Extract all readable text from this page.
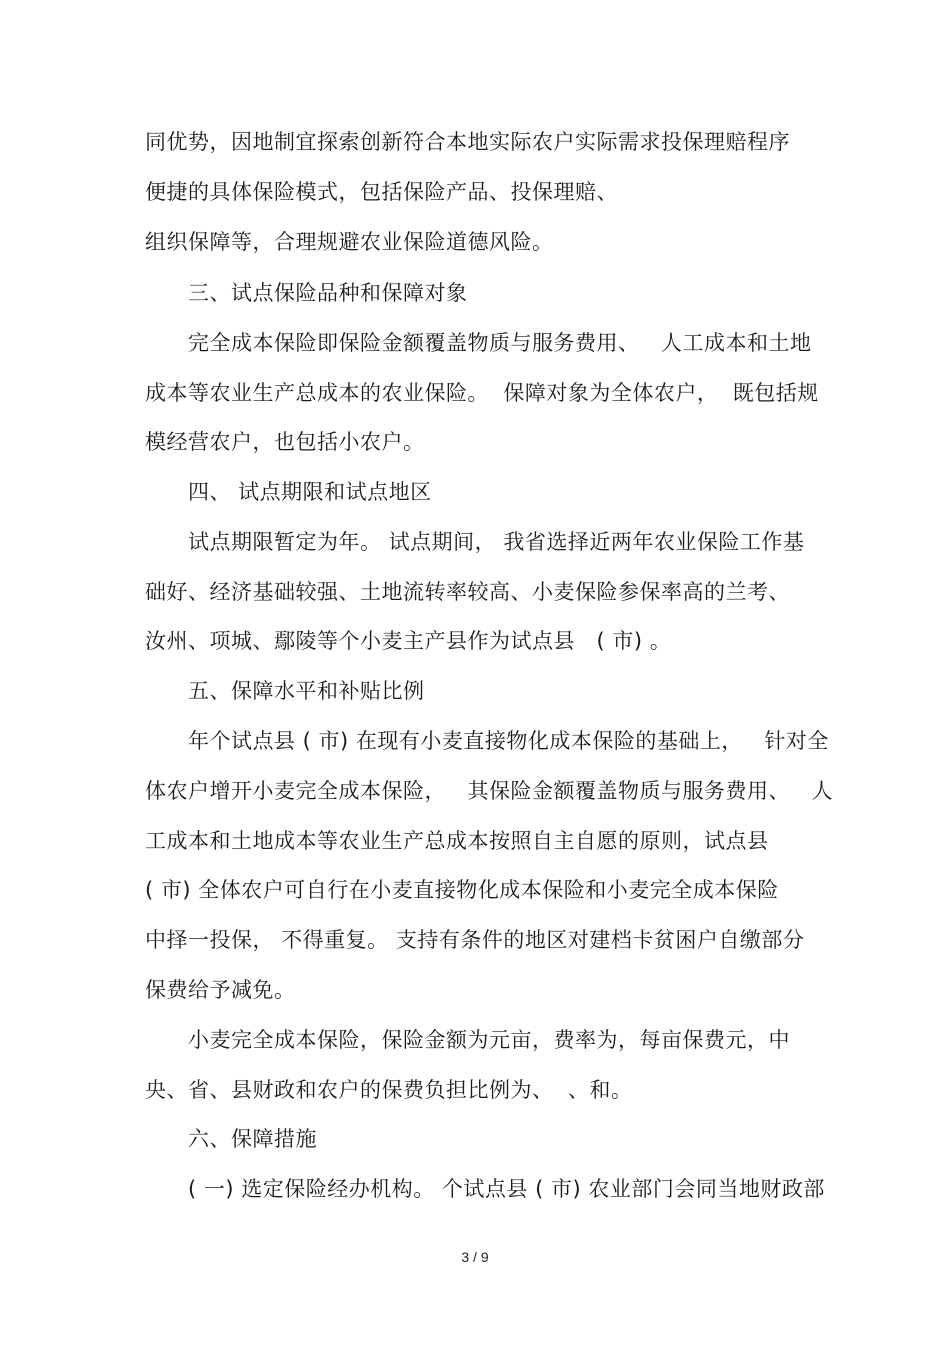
同优势，因地制宜探索创新符合本地实际农户实际需求投保理赔程序
便捷的具体保险模式，包括保险产品、投保理赔、
组织保障等，合理规避农业保险道德风险。
三、试点保险品种和保障对象
完全成本保险即保险金额覆盖物质与服务费用、   人工成本和土地
成本等农业生产总成本的农业保险。  保障对象为全体农户，  既包括规
模经营农户，也包括小农户。
四、 试点期限和试点地区
试点期限暂定为年。 试点期间， 我省选择近两年农业保险工作基
础好、经济基础较强、土地流转率较高、小麦保险参保率高的兰考、
汝州、项城、鄢陵等个小麦主产县作为试点县   ( 市) 。
五、保障水平和补贴比例
年个试点县 ( 市) 在现有小麦直接物化成本保险的基础上，   针对全
体农户增开小麦完全成本保险，   其保险金额覆盖物质与服务费用、   人
工成本和土地成本等农业生产总成本按照自主自愿的原则，试点县
( 市) 全体农户可自行在小麦直接物化成本保险和小麦完全成本保险
中择一投保， 不得重复。 支持有条件的地区对建档卡贫困户自缴部分
保费给予减免。
小麦完全成本保险，保险金额为元亩，费率为，每亩保费元，中
央、省、县财政和农户的保费负担比例为、  、和。
六、保障措施
( 一) 选定保险经办机构。 个试点县 ( 市) 农业部门会同当地财政部
3 / 9
